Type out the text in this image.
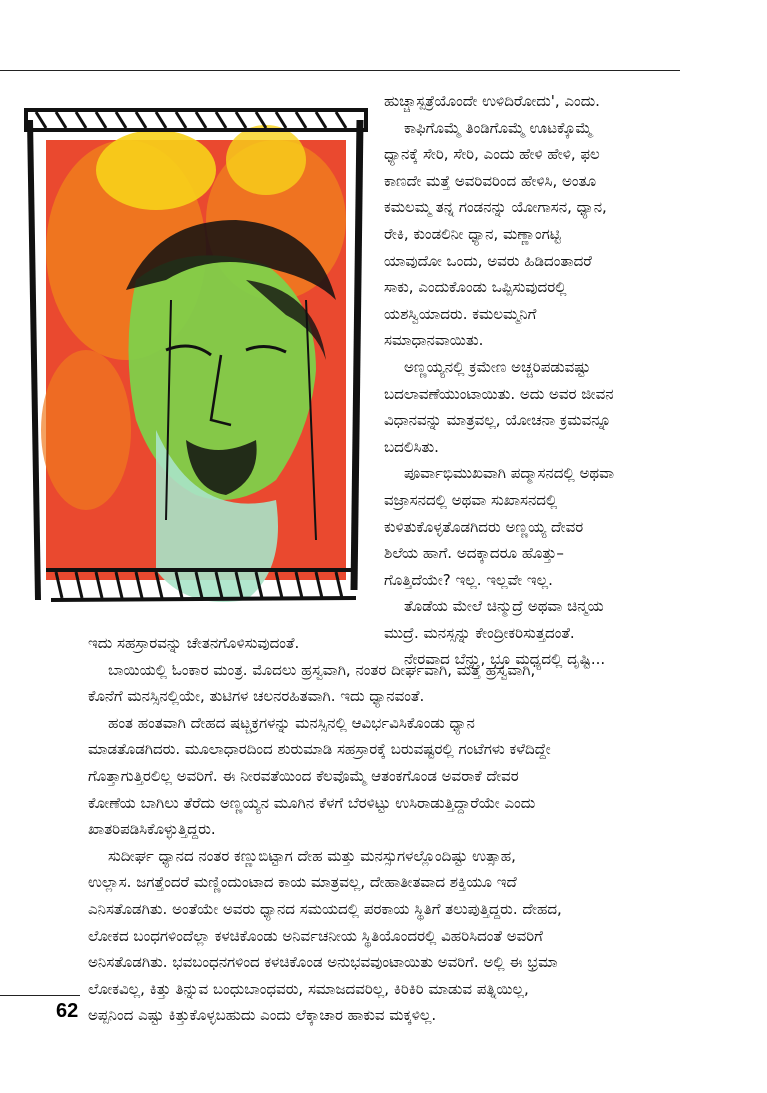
ಹುಚ್ಚಾಸ್ಪತ್ರೆಯೊಂದೇ ಉಳಿದಿರೋದು', ಎಂದು.

ಕಾಫಿಗೊಮ್ಮೆ ತಿಂಡಿಗೊಮ್ಮೆ ಊಟಕ್ಕೊಮ್ಮೆ

ಧ್ಯಾನಕ್ಕೆ ಸೇರಿ, ಸೇರಿ, ಎಂದು ಹೇಳಿ ಹೇಳಿ, ಫಲ

ಕಾಣದೇ ಮತ್ತೆ ಅವರಿವರಿಂದ ಹೇಳಿಸಿ, ಅಂತೂ

ಕಮಲಮ್ಮ ತನ್ನ ಗಂಡನನ್ನು ಯೋಗಾಸನ, ಧ್ಯಾನ,

ರೇಕಿ, ಕುಂಡಲಿನೀ ಧ್ಯಾನ, ಮಣ್ಣಾಂಗಟ್ಟಿ

ಯಾವುದೋ ಒಂದು, ಅವರು ಹಿಡಿದಂತಾದರೆ

ಸಾಕು, ಎಂದುಕೊಂಡು ಒಪ್ಪಿಸುವುದರಲ್ಲಿ

ಯಶಸ್ವಿಯಾದರು. ಕಮಲಮ್ಮನಿಗೆ

ಸಮಾಧಾನವಾಯಿತು.

ಅಣ್ಣಯ್ಯನಲ್ಲಿ ಕ್ರಮೇಣ ಅಚ್ಚರಿಪಡುವಷ್ಟು

ಬದಲಾವಣೆಯುಂಟಾಯಿತು. ಅದು ಅವರ ಜೀವನ

ವಿಧಾನವನ್ನು ಮಾತ್ರವಲ್ಲ, ಯೋಚನಾ ಕ್ರಮವನ್ನೂ

ಬದಲಿಸಿತು.

ಪೂರ್ವಾಭಿಮುಖವಾಗಿ ಪದ್ಮಾಸನದಲ್ಲಿ ಅಥವಾ

ವಜ್ರಾಸನದಲ್ಲಿ ಅಥವಾ ಸುಖಾಸನದಲ್ಲಿ

ಕುಳಿತುಕೊಳ್ಳತೊಡಗಿದರು ಅಣ್ಣಯ್ಯ ದೇವರ

ಶಿಲೆಯ ಹಾಗೆ. ಅದಕ್ಕಾದರೂ ಹೊತ್ತು–

ಗೊತ್ತಿದೆಯೇ? ಇಲ್ಲ. ಇಲ್ಲವೇ ಇಲ್ಲ.

ತೊಡೆಯ ಮೇಲೆ ಚಿನ್ಮುದ್ರೆ ಅಥವಾ ಚಿನ್ಮಯ

ಮುದ್ರೆ. ಮನಸ್ಸನ್ನು ಕೇಂದ್ರೀಕರಿಸುತ್ತದಂತೆ.

ನೇರವಾದ ಬೆನ್ನು, ಭ್ರೂ ಮಧ್ಯದಲ್ಲಿ ದೃಷ್ಟಿ...

ಇದು ಸಹಸ್ರಾರವನ್ನು ಚೇತನಗೊಳಿಸುವುದಂತೆ.

ಬಾಯಿಯಲ್ಲಿ ಓಂಕಾರ ಮಂತ್ರ. ಮೊದಲು ಹ್ರಸ್ವವಾಗಿ, ನಂತರ ದೀರ್ಘವಾಗಿ, ಮತ್ತೆ ಹ್ರಸ್ವವಾಗಿ,

ಕೊನೆಗೆ ಮನಸ್ಸಿನಲ್ಲಿಯೇ, ತುಟಿಗಳ ಚಲನರಹಿತವಾಗಿ. ಇದು ಧ್ಯಾನವಂತೆ.

ಹಂತ ಹಂತವಾಗಿ ದೇಹದ ಷಟ್ಚಕ್ರಗಳನ್ನು ಮನಸ್ಸಿನಲ್ಲಿ ಆವಿರ್ಭವಿಸಿಕೊಂಡು ಧ್ಯಾನ

ಮಾಡತೊಡಗಿದರು. ಮೂಲಾಧಾರದಿಂದ ಶುರುಮಾಡಿ ಸಹಸ್ರಾರಕ್ಕೆ ಬರುವಷ್ಟರಲ್ಲಿ ಗಂಟೆಗಳು ಕಳೆದಿದ್ದೇ

ಗೊತ್ತಾಗುತ್ತಿರಲಿಲ್ಲ ಅವರಿಗೆ. ಈ ನೀರವತೆಯಿಂದ ಕೆಲವೊಮ್ಮೆ ಆತಂಕಗೊಂಡ ಅವರಾಕೆ ದೇವರ

ಕೋಣೆಯ ಬಾಗಿಲು ತೆರೆದು ಅಣ್ಣಯ್ಯನ ಮೂಗಿನ ಕೆಳಗೆ ಬೆರಳಿಟ್ಟು ಉಸಿರಾಡುತ್ತಿದ್ದಾರೆಯೇ ಎಂದು

ಖಾತರಿಪಡಿಸಿಕೊಳ್ಳುತ್ತಿದ್ದರು.

ಸುದೀರ್ಘ ಧ್ಯಾನದ ನಂತರ ಕಣ್ಣುಬಿಟ್ಟಾಗ ದೇಹ ಮತ್ತು ಮನಸ್ಸುಗಳಲ್ಲೊಂದಿಷ್ಟು ಉತ್ಸಾಹ,

ಉಲ್ಲಾಸ. ಜಗತ್ತೆಂದರೆ ಮಣ್ಣಿಂದುಂಟಾದ ಕಾಯ ಮಾತ್ರವಲ್ಲ, ದೇಹಾತೀತವಾದ ಶಕ್ತಿಯೂ ಇದೆ

ಎನಿಸತೊಡಗಿತು. ಅಂತೆಯೇ ಅವರು ಧ್ಯಾನದ ಸಮಯದಲ್ಲಿ ಪರಕಾಯ ಸ್ಥಿತಿಗೆ ತಲುಪುತ್ತಿದ್ದರು. ದೇಹದ,

ಲೋಕದ ಬಂಧಗಳಿಂದೆಲ್ಲಾ ಕಳಚಿಕೊಂಡು ಅನಿರ್ವಚನೀಯ ಸ್ಥಿತಿಯೊಂದರಲ್ಲಿ ವಿಹರಿಸಿದಂತೆ ಅವರಿಗೆ

ಅನಿಸತೊಡಗಿತು. ಭವಬಂಧನಗಳಿಂದ ಕಳಚಿಕೊಂಡ ಅನುಭವವುಂಟಾಯಿತು ಅವರಿಗೆ. ಅಲ್ಲಿ ಈ ಭ್ರಮಾ

ಲೋಕವಿಲ್ಲ, ಕಿತ್ತು ತಿನ್ನುವ ಬಂಧುಬಾಂಧವರು, ಸಮಾಜದವರಿಲ್ಲ, ಕಿರಿಕಿರಿ ಮಾಡುವ ಪತ್ನಿಯಿಲ್ಲ,

ಅಪ್ಪನಿಂದ ಎಷ್ಟು ಕಿತ್ತುಕೊಳ್ಳಬಹುದು ಎಂದು ಲೆಕ್ಕಾಚಾರ ಹಾಕುವ ಮಕ್ಕಳಿಲ್ಲ.

62
